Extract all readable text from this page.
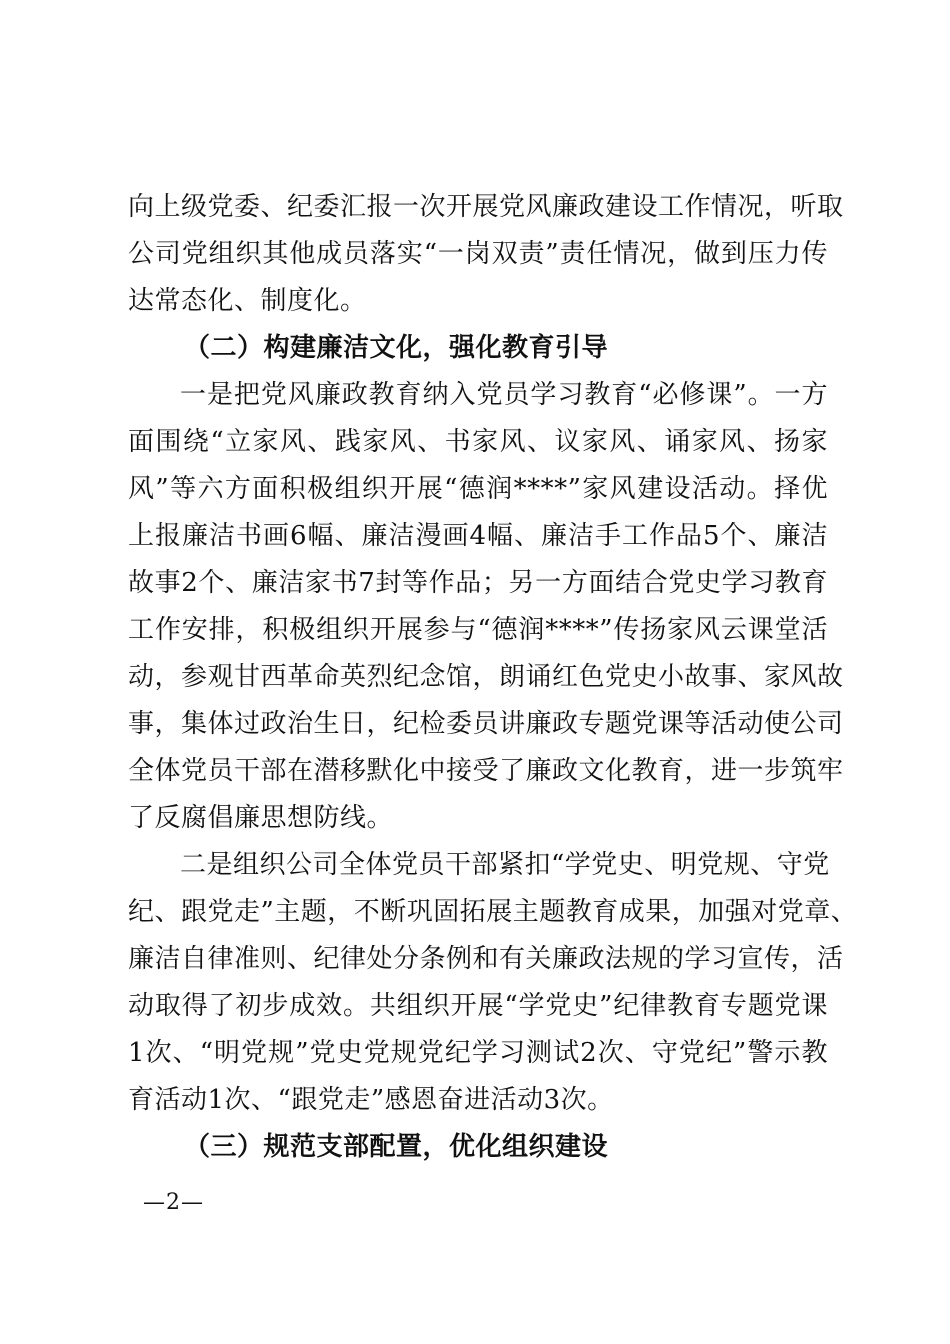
向上级党委、纪委汇报一次开展党风廉政建设工作情况，听取
公司党组织其他成员落实“一岗双责”责任情况，做到压力传
达常态化、制度化。
（二）构建廉洁文化，强化教育引导
一是把党风廉政教育纳入党员学习教育“必修课”。一方
面围绕“立家风、践家风、书家风、议家风、诵家风、扬家
风”等六方面积极组织开展“德润****”家风建设活动。择优
上报廉洁书画6幅、廉洁漫画4幅、廉洁手工作品5个、廉洁
故事2个、廉洁家书7封等作品；另一方面结合党史学习教育
工作安排，积极组织开展参与“德润****”传扬家风云课堂活
动，参观甘西革命英烈纪念馆，朗诵红色党史小故事、家风故
事，集体过政治生日，纪检委员讲廉政专题党课等活动使公司
全体党员干部在潜移默化中接受了廉政文化教育，进一步筑牢
了反腐倡廉思想防线。
二是组织公司全体党员干部紧扣“学党史、明党规、守党
纪、跟党走”主题，不断巩固拓展主题教育成果，加强对党章、
廉洁自律准则、纪律处分条例和有关廉政法规的学习宣传，活
动取得了初步成效。共组织开展“学党史”纪律教育专题党课
1次、“明党规”党史党规党纪学习测试2次、守党纪”警示教
育活动1次、“跟党走”感恩奋进活动3次。
（三）规范支部配置，优化组织建设
—2—
